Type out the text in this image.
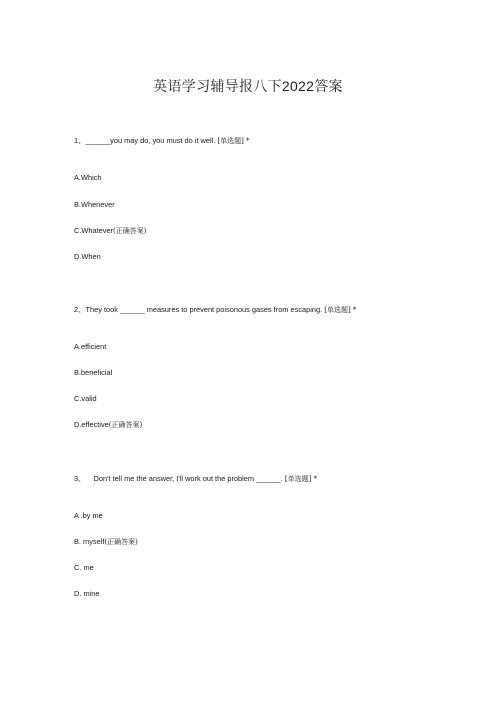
英语学习辅导报八下2022答案
1、______you may do, you must do it well. [单选题] *
A.Which
B.Whenever
C.Whatever(正确答案)
D.When
2、They took ______ measures to prevent poisonous gases from escaping. [单选题] *
A.efficient
B.beneficial
C.valid
D.effective(正确答案)
3、 Don't tell me the answer, I'll work out the problem ______. [单选题] *
A .by me
B. myself(正确答案)
C. me
D. mine
